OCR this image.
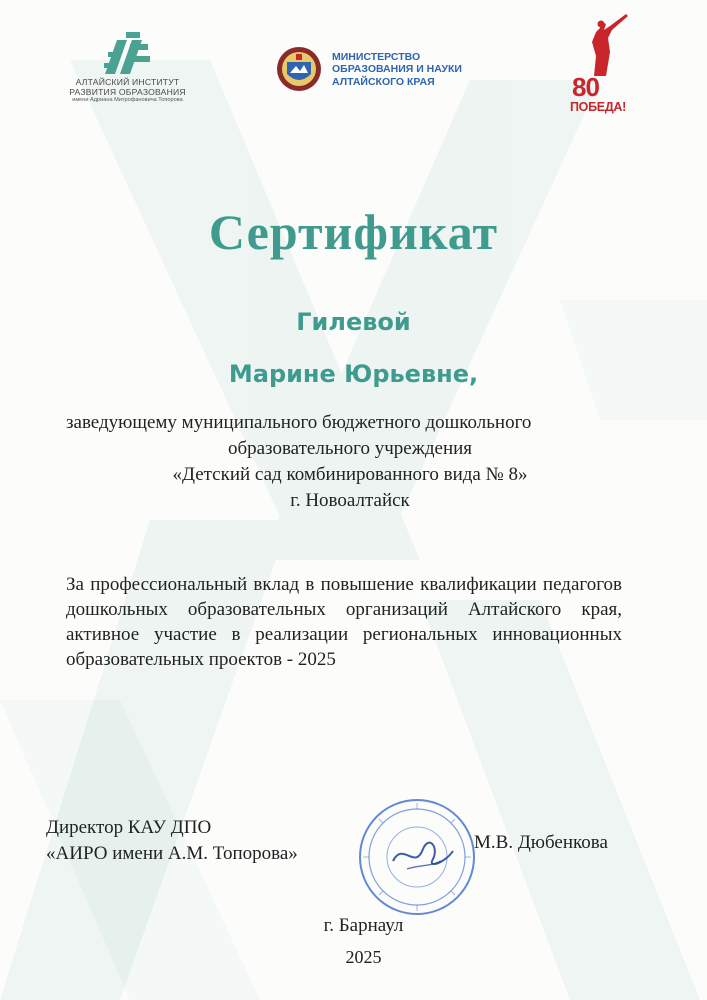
АЛТАЙСКИЙ ИНСТИТУТ
РАЗВИТИЯ ОБРАЗОВАНИЯ
имени Адриана Митрофановича Топорова
МИНИСТЕРСТВО
ОБРАЗОВАНИЯ И НАУКИ
АЛТАЙСКОГО КРАЯ	80
ПОБЕДА!
Сертификат
Гилевой
Марине Юрьевне,
заведующему муниципального бюджетного дошкольного
образовательного учреждения
«Детский сад комбинированного вида № 8»
г. Новоалтайск
За профессиональный вклад в повышение квалификации педагогов дошкольных образовательных организаций Алтайского края, активное участие в реализации региональных инновационных образовательных проектов - 2025
Директор КАУ ДПО
«АИРО имени А.М. Топорова»
М.В. Дюбенкова
г. Барнаул
2025
